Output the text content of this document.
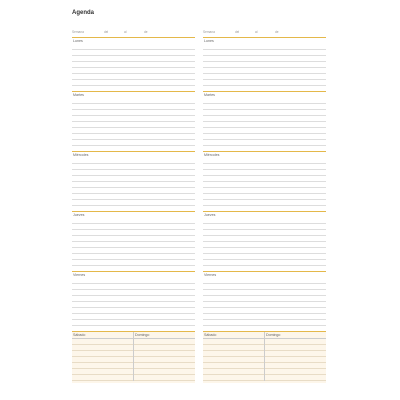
Agenda
Semana	del	al	de
Lunes
Martes
Miércoles
Jueves
Viernes
Sábado	Domingo
Semana	del	al	de
Lunes
Martes
Miércoles
Jueves
Viernes
Sábado	Domingo
